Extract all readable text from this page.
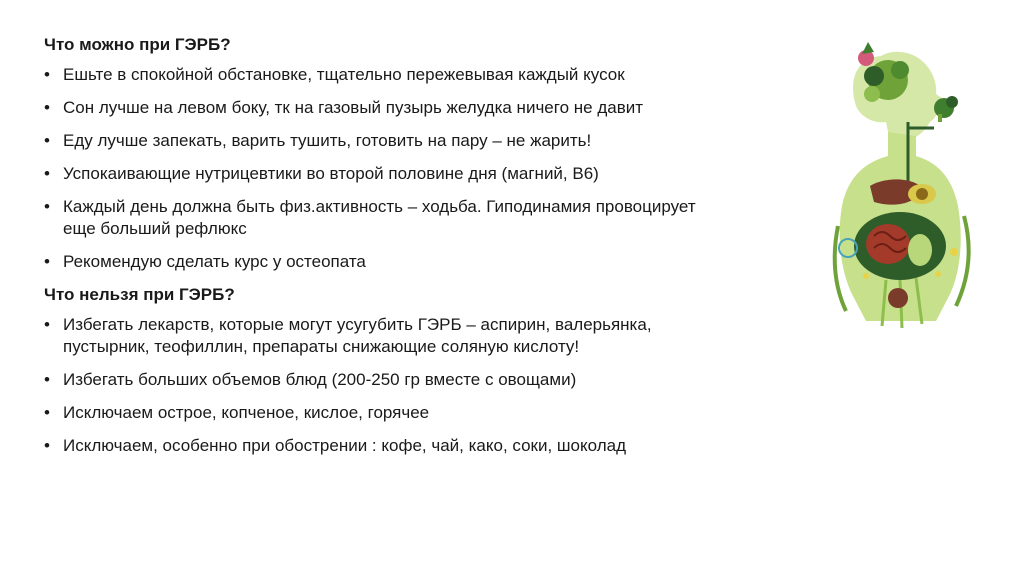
Что можно при ГЭРБ?
• Ешьте в спокойной обстановке, тщательно пережевывая каждый кусок
• Сон лучше на левом боку, тк на газовый пузырь желудка ничего не давит
• Еду лучше запекать, варить тушить, готовить на пару – не жарить!
• Успокаивающие нутрицевтики во второй половине дня (магний, В6)
• Каждый день должна быть физ.активность – ходьба. Гиподинамия провоцирует еще больший рефлюкс
• Рекомендую сделать курс у остеопата
Что нельзя при ГЭРБ?
• Избегать лекарств, которые могут усугубить ГЭРБ – аспирин, валерьянка, пустырник, теофиллин, препараты снижающие соляную кислоту!
• Избегать больших объемов блюд (200-250 гр вместе с овощами)
• Исключаем острое, копченое, кислое, горячее
• Исключаем, особенно при обострении : кофе, чай, како, соки, шоколад
